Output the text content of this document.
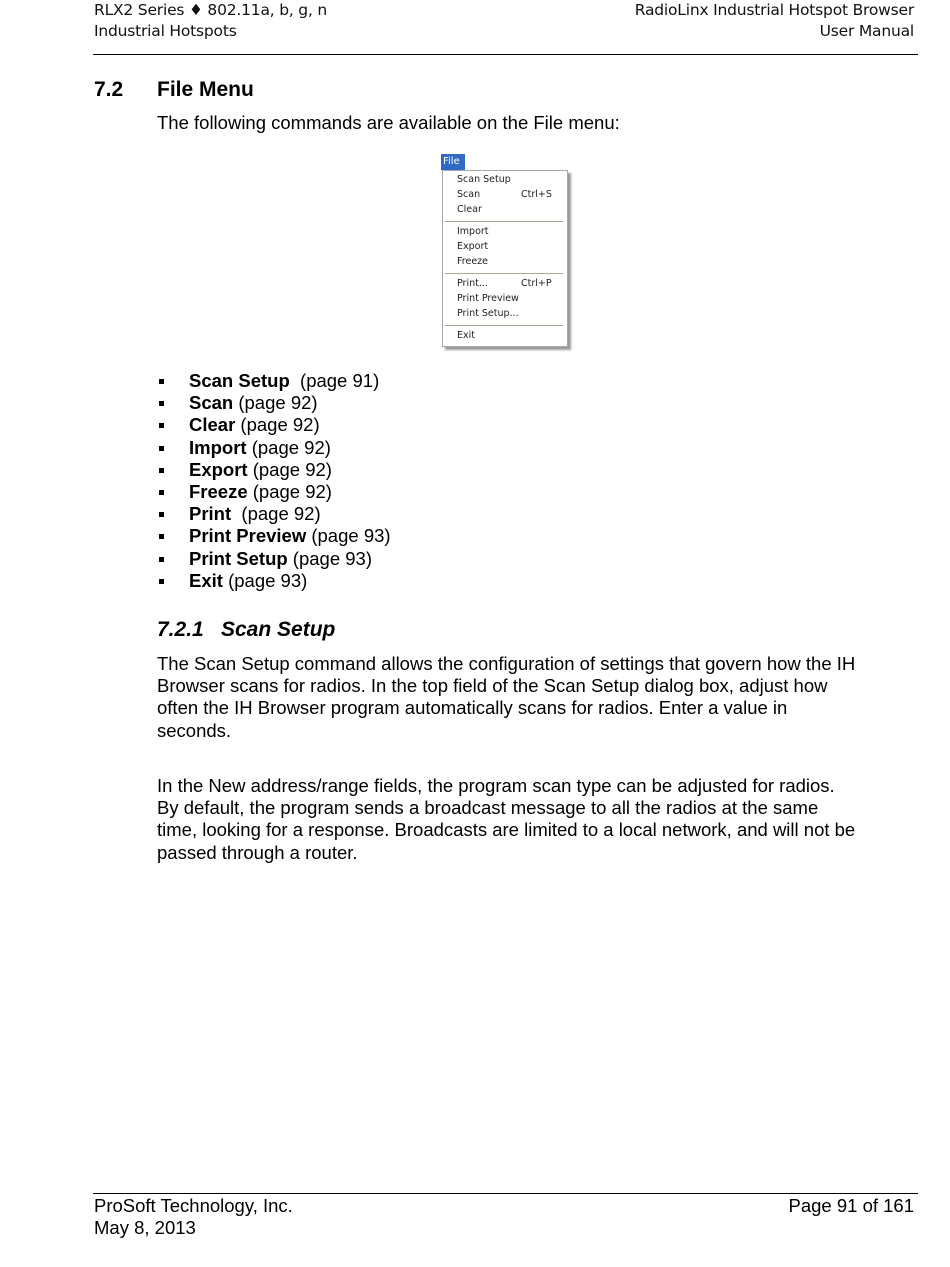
RLX2 Series ♦ 802.11a, b, g, n
Industrial Hotspots
RadioLinx Industrial Hotspot Browser
User Manual
7.2 File Menu
The following commands are available on the File menu:
File
Scan Setup
Scan	Ctrl+S
Clear
Import
Export
Freeze
Print...	Ctrl+P
Print Preview
Print Setup...
Exit
Scan Setup  (page 91)
Scan (page 92)
Clear (page 92)
Import (page 92)
Export (page 92)
Freeze (page 92)
Print  (page 92)
Print Preview (page 93)
Print Setup (page 93)
Exit (page 93)
7.2.1 Scan Setup
The Scan Setup command allows the configuration of settings that govern how the IH Browser scans for radios. In the top field of the Scan Setup dialog box, adjust how often the IH Browser program automatically scans for radios. Enter a value in seconds.
In the New address/range fields, the program scan type can be adjusted for radios. By default, the program sends a broadcast message to all the radios at the same time, looking for a response. Broadcasts are limited to a local network, and will not be passed through a router.
ProSoft Technology, Inc.
May 8, 2013
Page 91 of 161
